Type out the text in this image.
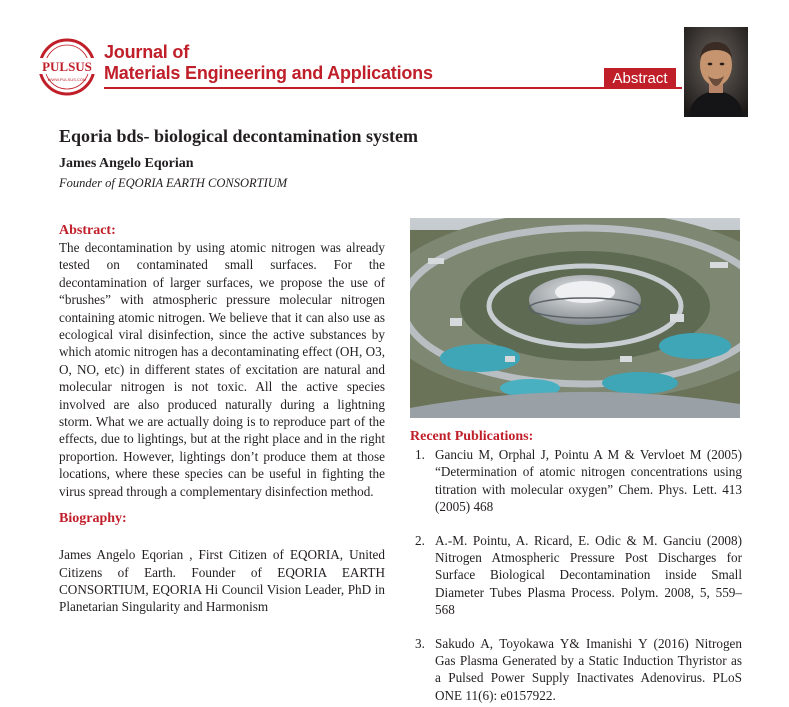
PULSUS
WWW.PULSUS.COM
Journal of
Materials Engineering and Applications	Abstract
Eqoria bds- biological decontamination system
James Angelo Eqorian
Founder of EQORIA EARTH CONSORTIUM
Abstract:

The decontamination by using atomic nitrogen was already tested on contaminated small surfaces. For the decontamination of larger surfaces, we propose the use of “brushes” with atmospheric pressure molecular nitrogen containing atomic nitrogen. We believe that it can also use as ecological viral disinfection, since the active substances by which atomic nitrogen has a decontaminating effect (OH, O3, O, NO, etc) in different states of excitation are natural and molecular nitrogen is not toxic. All the active species involved are also produced naturally during a lightning storm. What we are actually doing is to reproduce part of the effects, due to lightings, but at the right place and in the right proportion. However, lightings don’t produce them at those locations, where these species can be useful in fighting the virus spread through a complementary disinfection method.

Biography:

James Angelo Eqorian , First Citizen of EQORIA, United Citizens of Earth. Founder of EQORIA EARTH CONSORTIUM, EQORIA Hi Council Vision Leader, PhD in Planetarian Singularity and Harmonism

Recent Publications:
1. Ganciu M, Orphal J, Pointu A M & Vervloet M (2005) “Determination of atomic nitrogen concentrations using titration with molecular oxygen” Chem. Phys. Lett. 413 (2005) 468
2. A.-M. Pointu, A. Ricard, E. Odic & M. Ganciu (2008) Nitrogen Atmospheric Pressure Post Discharges for Surface Biological Decontamination inside Small Diameter Tubes Plasma Process. Polym. 2008, 5, 559–568
3. Sakudo A, Toyokawa Y& Imanishi Y (2016) Nitrogen Gas Plasma Generated by a Static Induction Thyristor as a Pulsed Power Supply Inactivates Adenovirus. PLoS ONE 11(6): e0157922.
